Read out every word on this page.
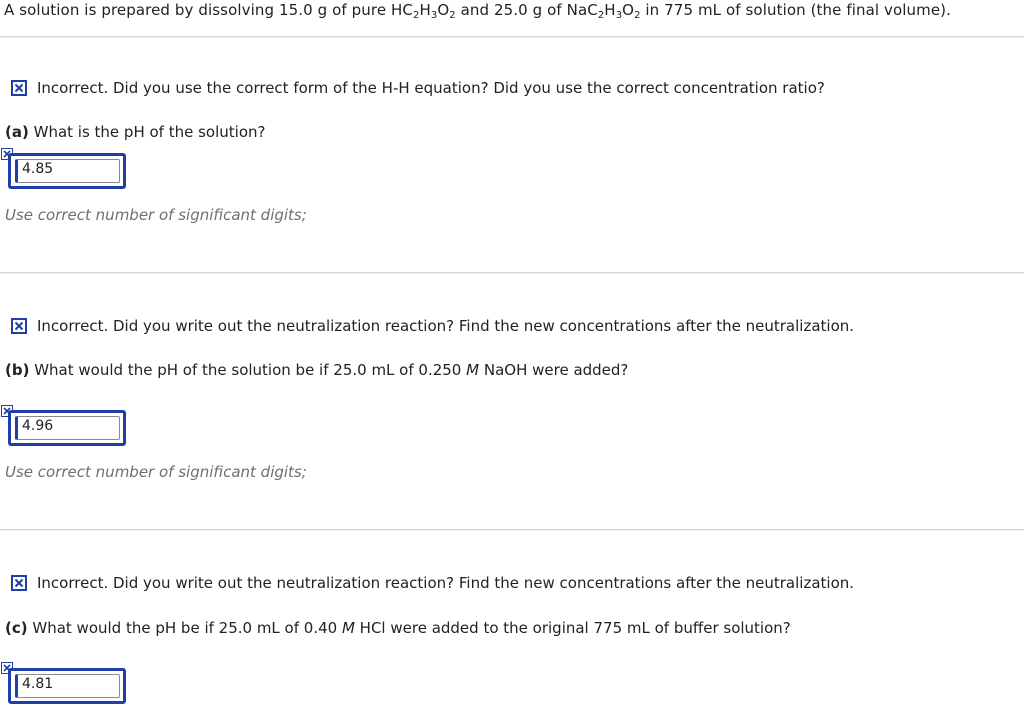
A solution is prepared by dissolving 15.0 g of pure $HC_2H_3O_2$ and 25.0 g of $NaC_2H_3O_2$ in 775 mL of solution (the final volume).
Incorrect. Did you use the correct form of the H-H equation? Did you use the correct concentration ratio?
(a) What is the pH of the solution?
4.85
Use correct number of significant digits;
Incorrect. Did you write out the neutralization reaction? Find the new concentrations after the neutralization.
(b) What would the pH of the solution be if 25.0 mL of 0.250 M NaOH were added?
4.96
Use correct number of significant digits;
Incorrect. Did you write out the neutralization reaction? Find the new concentrations after the neutralization.
(c) What would the pH be if 25.0 mL of 0.40 M HCl were added to the original 775 mL of buffer solution?
4.81
